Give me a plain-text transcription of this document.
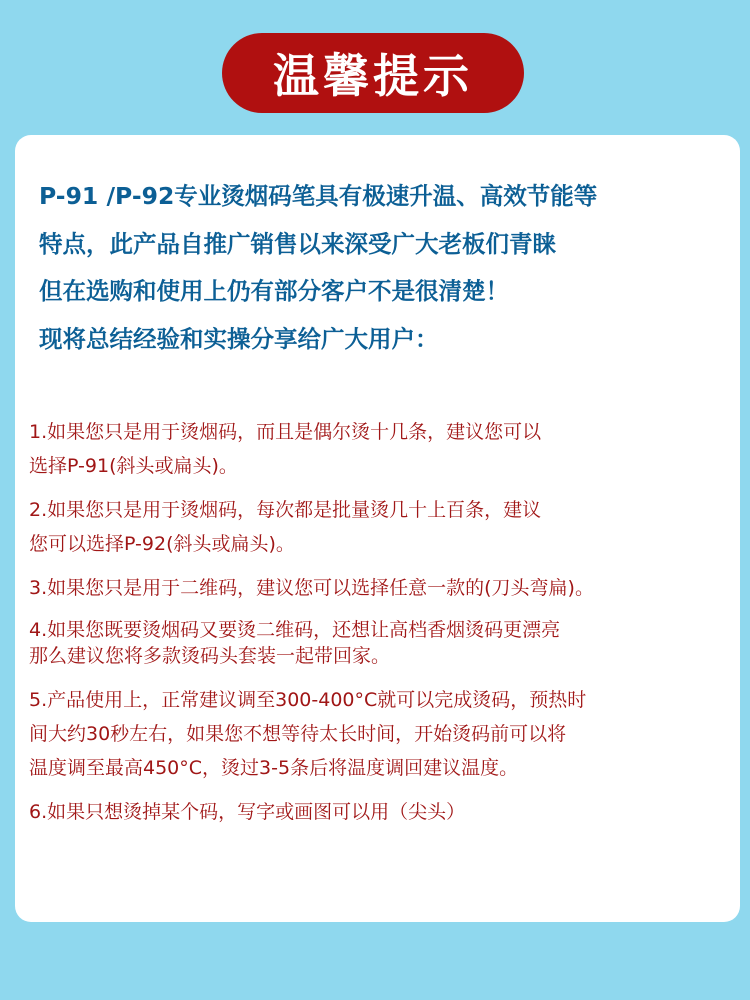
温馨提示
P-91 /P-92专业烫烟码笔具有极速升温、高效节能等
特点，此产品自推广销售以来深受广大老板们青睐
但在选购和使用上仍有部分客户不是很清楚！
现将总结经验和实操分享给广大用户：
1.如果您只是用于烫烟码，而且是偶尔烫十几条，建议您可以
选择P-91(斜头或扁头)。
2.如果您只是用于烫烟码，每次都是批量烫几十上百条，建议
您可以选择P-92(斜头或扁头)。
3.如果您只是用于二维码，建议您可以选择任意一款的(刀头弯扁)。
4.如果您既要烫烟码又要烫二维码，还想让高档香烟烫码更漂亮
那么建议您将多款烫码头套装一起带回家。
5.产品使用上，正常建议调至300-400°C就可以完成烫码，预热时
间大约30秒左右，如果您不想等待太长时间，开始烫码前可以将
温度调至最高450°C，烫过3-5条后将温度调回建议温度。
6.如果只想烫掉某个码，写字或画图可以用（尖头）
